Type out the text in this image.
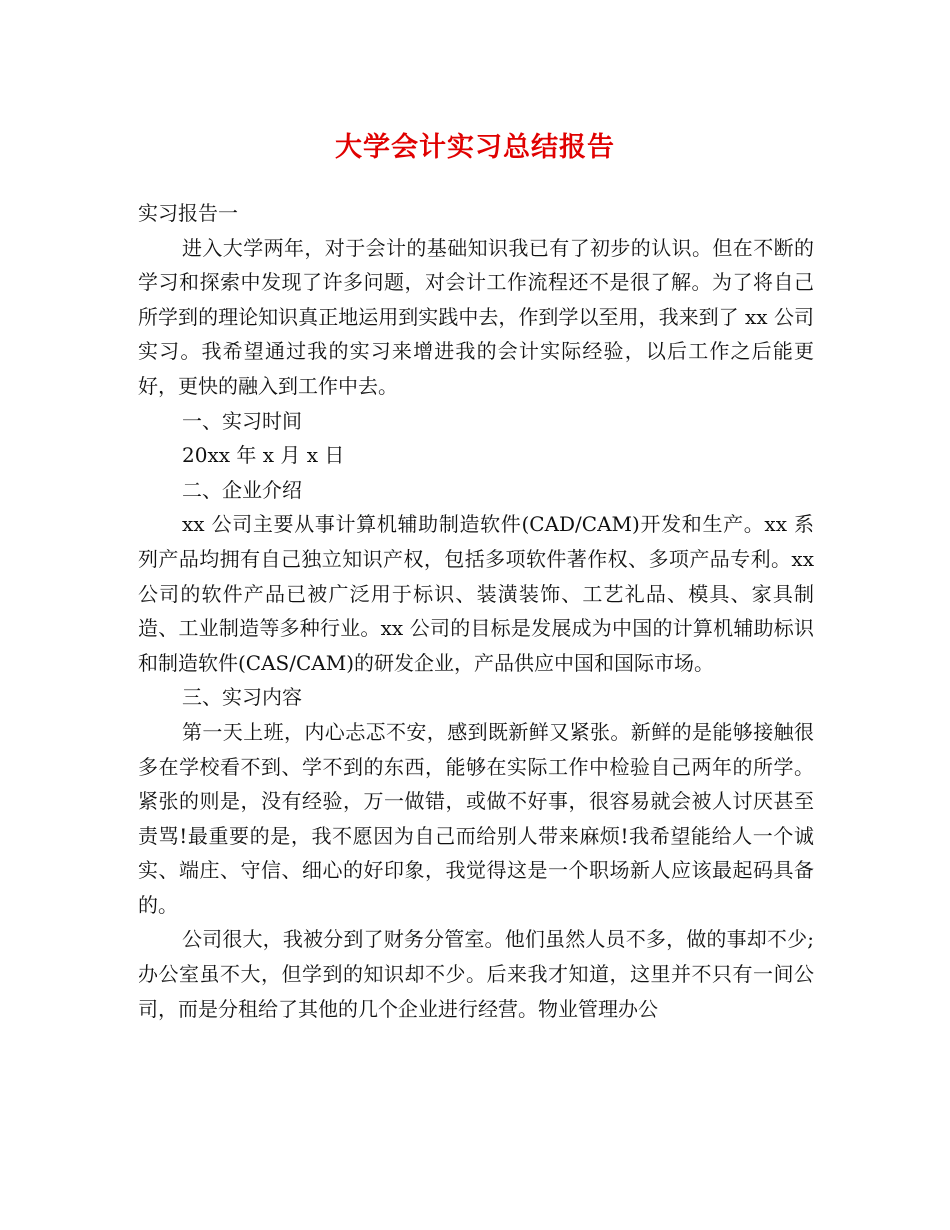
大学会计实习总结报告

实习报告一

进入大学两年，对于会计的基础知识我已有了初步的认识。但在不断的学习和探索中发现了许多问题，对会计工作流程还不是很了解。为了将自己所学到的理论知识真正地运用到实践中去，作到学以至用，我来到了 xx 公司实习。我希望通过我的实习来增进我的会计实际经验，以后工作之后能更好，更快的融入到工作中去。

一、实习时间

20xx 年 x 月 x 日

二、企业介绍

xx 公司主要从事计算机辅助制造软件(CAD/CAM)开发和生产。xx 系列产品均拥有自己独立知识产权，包括多项软件著作权、多项产品专利。xx 公司的软件产品已被广泛用于标识、装潢装饰、工艺礼品、模具、家具制造、工业制造等多种行业。xx 公司的目标是发展成为中国的计算机辅助标识和制造软件(CAS/CAM)的研发企业，产品供应中国和国际市场。

三、实习内容

第一天上班，内心忐忑不安，感到既新鲜又紧张。新鲜的是能够接触很多在学校看不到、学不到的东西，能够在实际工作中检验自己两年的所学。紧张的则是，没有经验，万一做错，或做不好事，很容易就会被人讨厌甚至责骂!最重要的是，我不愿因为自己而给别人带来麻烦!我希望能给人一个诚实、端庄、守信、细心的好印象，我觉得这是一个职场新人应该最起码具备的。

公司很大，我被分到了财务分管室。他们虽然人员不多，做的事却不少;办公室虽不大，但学到的知识却不少。后来我才知道，这里并不只有一间公司，而是分租给了其他的几个企业进行经营。物业管理办公
